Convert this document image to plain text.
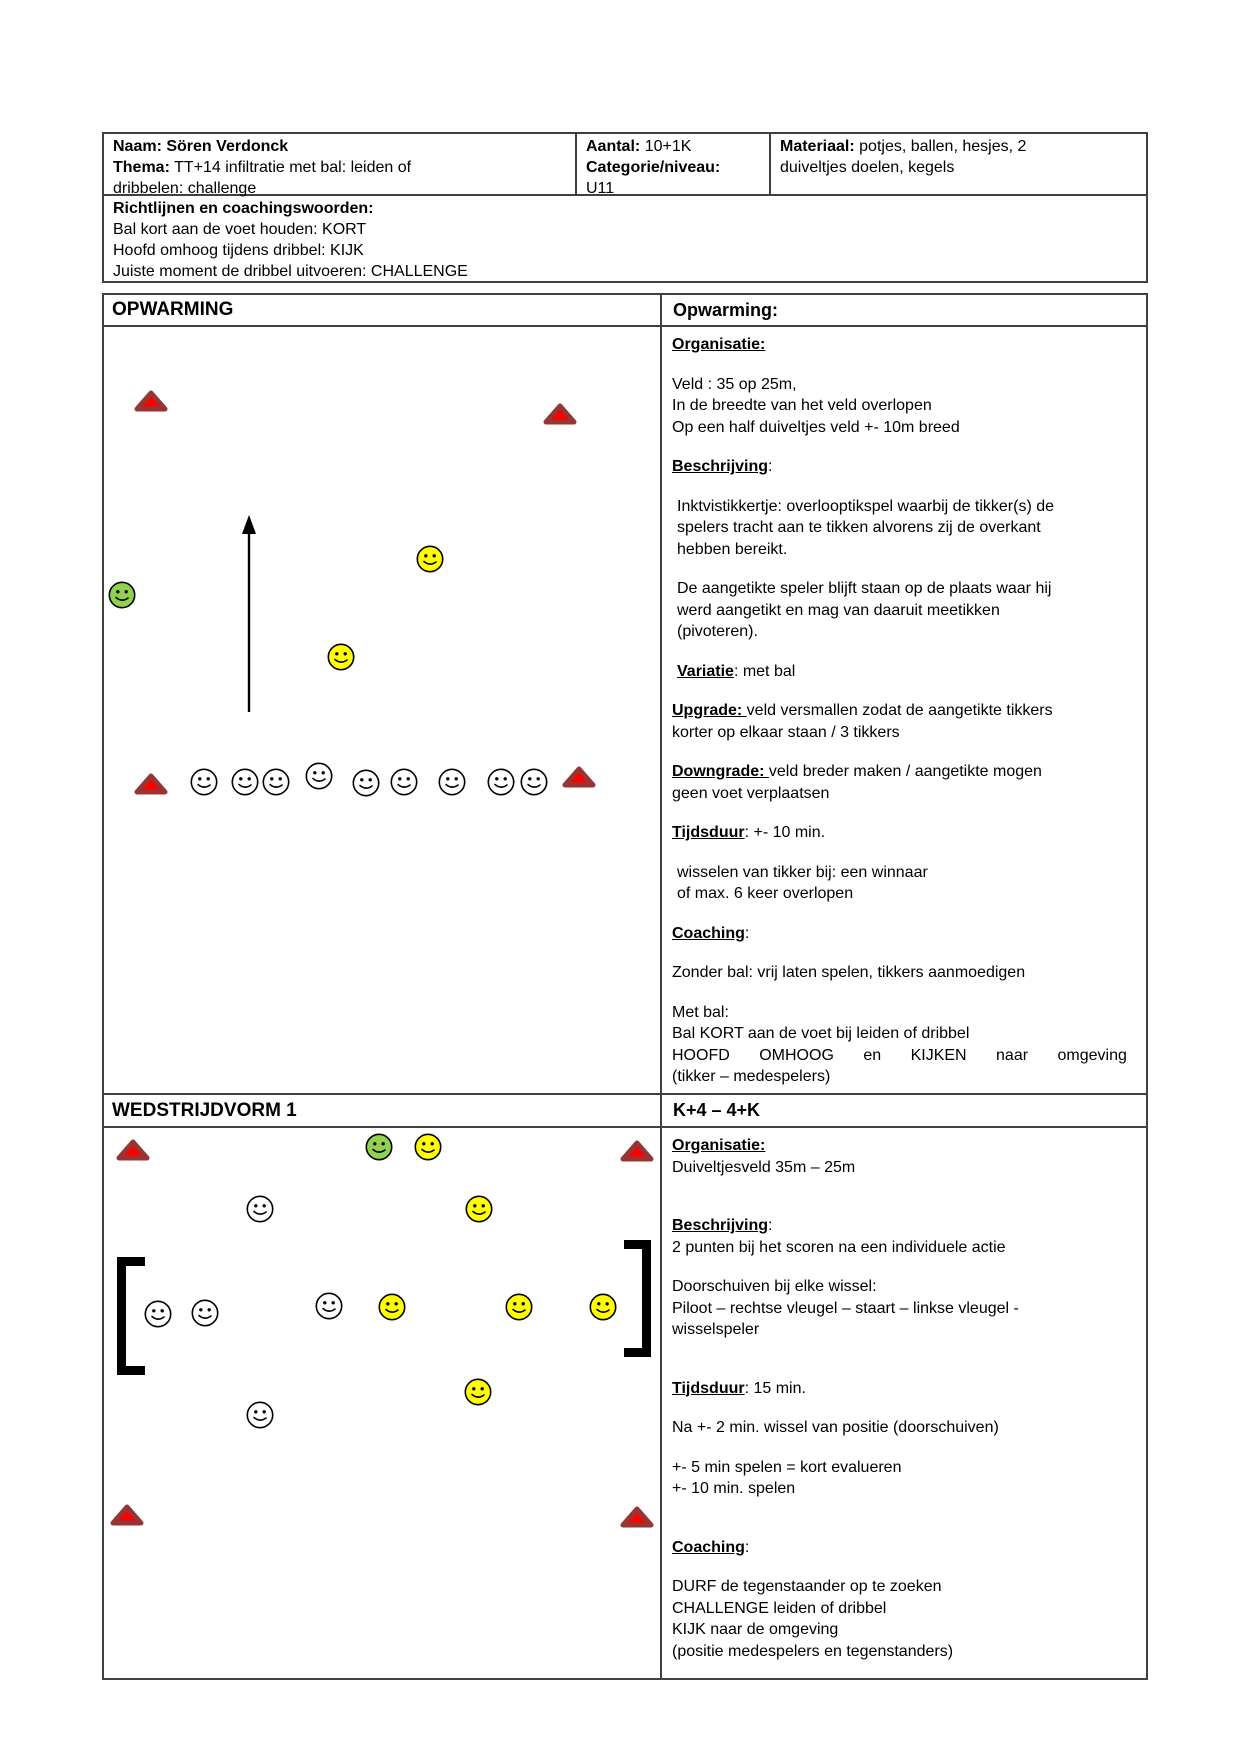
Naam: Sören Verdonck
Thema: TT+14 infiltratie met bal: leiden of
dribbelen: challenge
Aantal: 10+1K
Categorie/niveau:
U11
Materiaal: potjes, ballen, hesjes, 2
duiveltjes doelen, kegels
Richtlijnen en coachingswoorden:
Bal kort aan de voet houden: KORT
Hoofd omhoog tijdens dribbel: KIJK
Juiste moment de dribbel uitvoeren: CHALLENGE
OPWARMING	Opwarming:

Organisatie:

Veld : 35 op 25m,
In de breedte van het veld overlopen
Op een half duiveltjes veld +- 10m breed

Beschrijving:

Inktvistikkertje: overlooptikspel waarbij de tikker(s) de
spelers tracht aan te tikken alvorens zij de overkant
hebben bereikt.

De aangetikte speler blijft staan op de plaats waar hij
werd aangetikt en mag van daaruit meetikken
(pivoteren).

Variatie: met bal

Upgrade: veld versmallen zodat de aangetikte tikkers
korter op elkaar staan / 3 tikkers

Downgrade: veld breder maken / aangetikte mogen
geen voet verplaatsen

Tijdsduur: +- 10 min.

wisselen van tikker bij: een winnaar
of max. 6 keer overlopen

Coaching:

Zonder bal: vrij laten spelen, tikkers aanmoedigen

Met bal:
Bal KORT aan de voet bij leiden of dribbel
HOOFD OMHOOG en KIJKEN naar omgeving
(tikker – medespelers)

WEDSTRIJDVORM 1	K+4 – 4+K

Organisatie:
Duiveltjesveld 35m – 25m

Beschrijving:
2 punten bij het scoren na een individuele actie

Doorschuiven bij elke wissel:
Piloot – rechtse vleugel – staart – linkse vleugel -
wisselspeler

Tijdsduur: 15 min.

Na +- 2 min. wissel van positie (doorschuiven)

+- 5 min spelen = kort evalueren
+- 10 min. spelen

Coaching:

DURF de tegenstaander op te zoeken
CHALLENGE leiden of dribbel
KIJK naar de omgeving
(positie medespelers en tegenstanders)
